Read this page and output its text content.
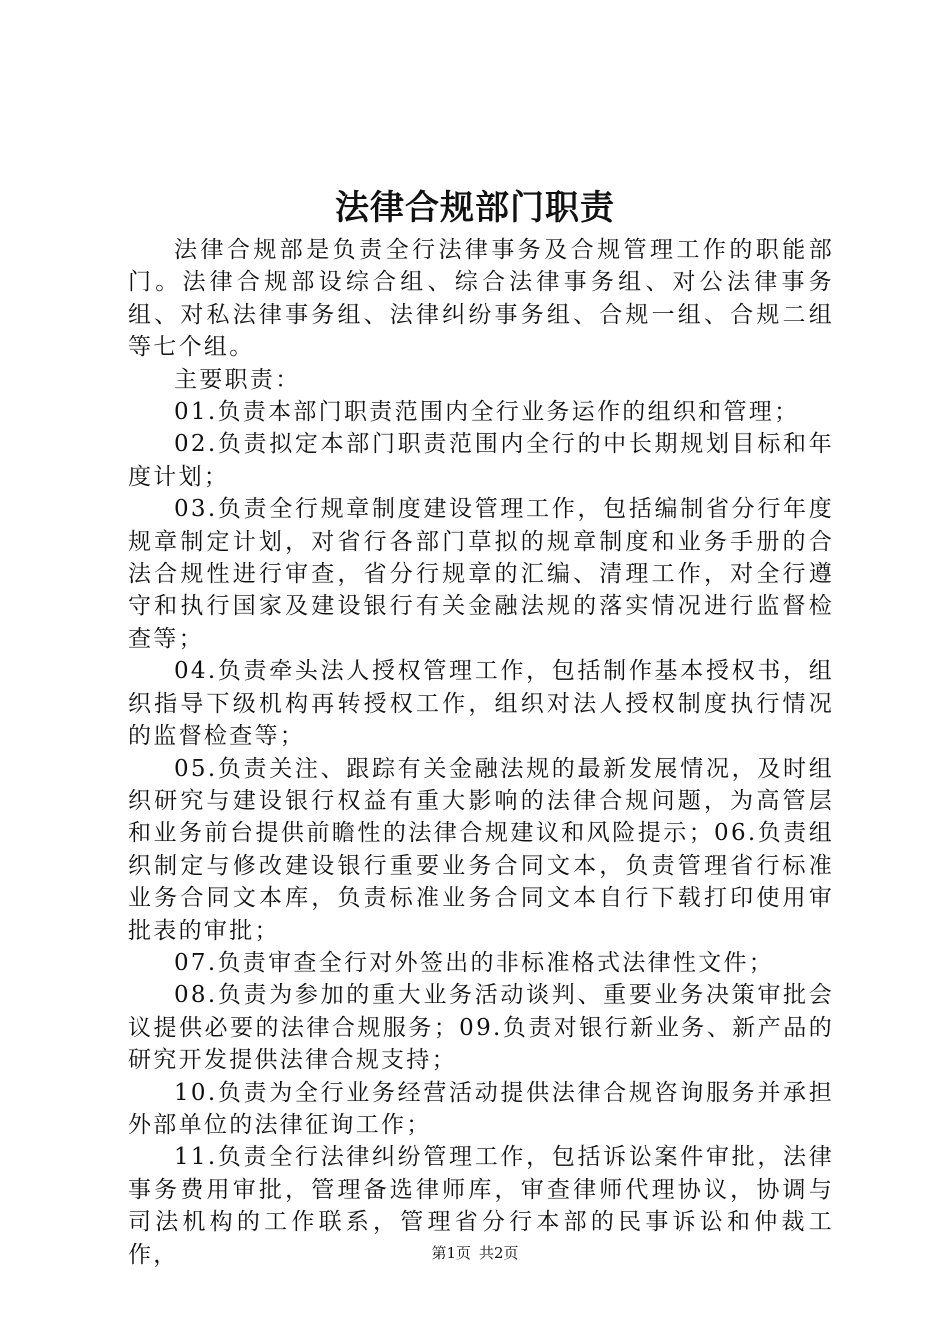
法律合规部门职责

法律合规部是负责全行法律事务及合规管理工作的职能部门。法律合规部设综合组、综合法律事务组、对公法律事务组、对私法律事务组、法律纠纷事务组、合规一组、合规二组等七个组。

主要职责：

01.负责本部门职责范围内全行业务运作的组织和管理；

02.负责拟定本部门职责范围内全行的中长期规划目标和年度计划；

03.负责全行规章制度建设管理工作，包括编制省分行年度规章制定计划，对省行各部门草拟的规章制度和业务手册的合法合规性进行审查，省分行规章的汇编、清理工作，对全行遵守和执行国家及建设银行有关金融法规的落实情况进行监督检查等；

04.负责牵头法人授权管理工作，包括制作基本授权书，组织指导下级机构再转授权工作，组织对法人授权制度执行情况的监督检查等；

05.负责关注、跟踪有关金融法规的最新发展情况，及时组织研究与建设银行权益有重大影响的法律合规问题，为高管层和业务前台提供前瞻性的法律合规建议和风险提示；06.负责组织制定与修改建设银行重要业务合同文本，负责管理省行标准业务合同文本库，负责标准业务合同文本自行下载打印使用审批表的审批；

07.负责审查全行对外签出的非标准格式法律性文件；

08.负责为参加的重大业务活动谈判、重要业务决策审批会议提供必要的法律合规服务；09.负责对银行新业务、新产品的研究开发提供法律合规支持；

10.负责为全行业务经营活动提供法律合规咨询服务并承担外部单位的法律征询工作；

11.负责全行法律纠纷管理工作，包括诉讼案件审批，法律事务费用审批，管理备选律师库，审查律师代理协议，协调与司法机构的工作联系，管理省分行本部的民事诉讼和仲裁工作，	第1页 共2页
